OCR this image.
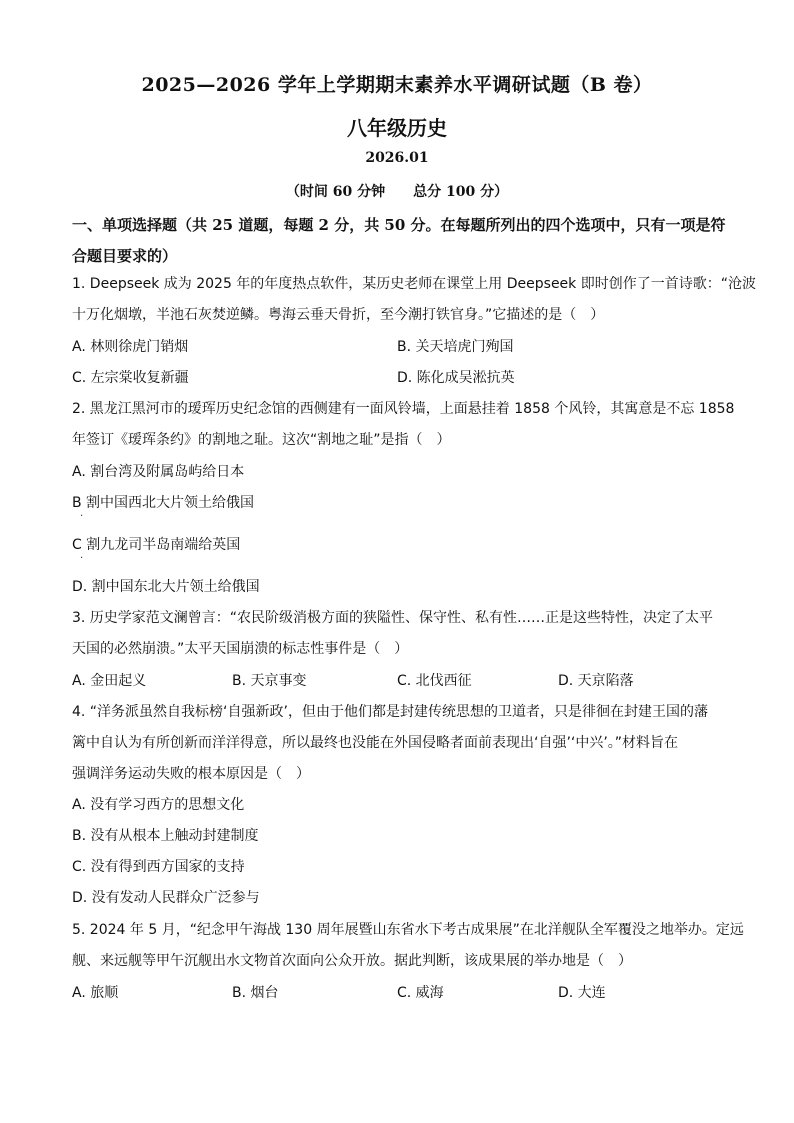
2025—2026 学年上学期期末素养水平调研试题（B 卷）
八年级历史
2026.01
（时间 60 分钟 总分 100 分）
一、单项选择题（共 25 道题，每题 2 分，共 50 分。在每题所列出的四个选项中，只有一项是符合题目要求的）
1. Deepseek 成为 2025 年的年度热点软件，某历史老师在课堂上用 Deepseek 即时创作了一首诗歌：“沧波
十万化烟墩，半池石灰焚逆鳞。粤海云垂天骨折，至今潮打铁官身。”它描述的是（　）
A. 林则徐虎门销烟	B. 关天培虎门殉国
C. 左宗棠收复新疆	D. 陈化成吴淞抗英
2. 黑龙江黑河市的瑷珲历史纪念馆的西侧建有一面风铃墙，上面悬挂着 1858 个风铃，其寓意是不忘 1858
年签订《瑷珲条约》的割地之耻。这次“割地之耻”是指（　）
A. 割台湾及附属岛屿给日本
B 割中国西北大片领土给俄国
·
C 割九龙司半岛南端给英国
·
D. 割中国东北大片领土给俄国
3. 历史学家范文澜曾言：“农民阶级消极方面的狭隘性、保守性、私有性……正是这些特性，决定了太平
天国的必然崩溃。”太平天国崩溃的标志性事件是（　）
A. 金田起义	B. 天京事变	C. 北伐西征	D. 天京陷落
4. “洋务派虽然自我标榜‘自强新政’，但由于他们都是封建传统思想的卫道者，只是徘徊在封建王国的藩
篱中自认为有所创新而洋洋得意，所以最终也没能在外国侵略者面前表现出‘自强’‘中兴’。”材料旨在
强调洋务运动失败的根本原因是（　）
A. 没有学习西方的思想文化
B. 没有从根本上触动封建制度
C. 没有得到西方国家的支持
D. 没有发动人民群众广泛参与
5. 2024 年 5 月，“纪念甲午海战 130 周年展暨山东省水下考古成果展”在北洋舰队全军覆没之地举办。定远
舰、来远舰等甲午沉舰出水文物首次面向公众开放。据此判断，该成果展的举办地是（　）
A. 旅顺	B. 烟台	C. 威海	D. 大连
